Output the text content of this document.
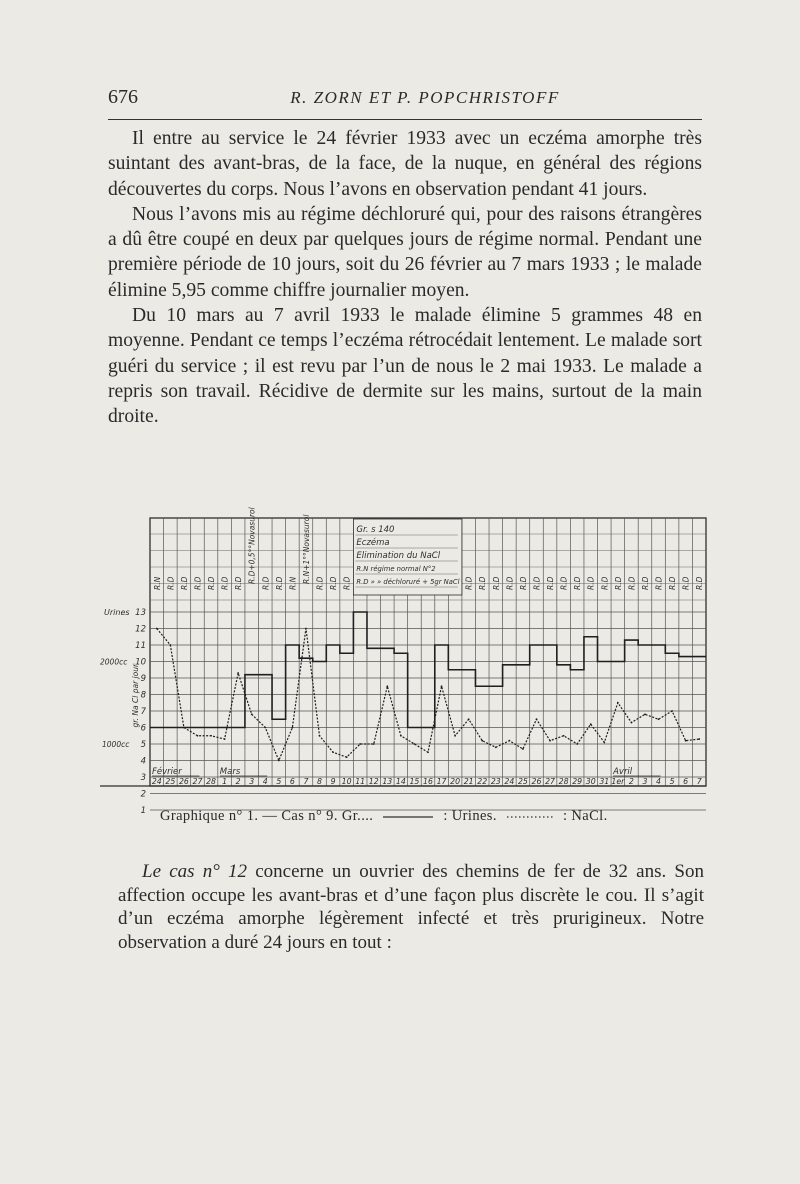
676	R. ZORN ET P. POPCHRISTOFF

Il entre au service le 24 février 1933 avec un eczéma amorphe très suintant des avant-bras, de la face, de la nuque, en général des régions découvertes du corps. Nous l’avons en observation pendant 41 jours.

Nous l’avons mis au régime déchloruré qui, pour des raisons étrangères a dû être coupé en deux par quelques jours de régime normal. Pendant une première période de 10 jours, soit du 26 février au 7 mars 1933 ; le malade élimine 5,95 comme chiffre journalier moyen.

Du 10 mars au 7 avril 1933 le malade élimine 5 grammes 48 en moyenne. Pendant ce temps l’eczéma rétrocédait lentement. Le malade sort guéri du service ; il est revu par l’un de nous le 2 mai 1933. Le malade a repris son travail. Récidive de dermite sur les mains, surtout de la main droite.

Gr. s 140
Eczéma
Elimination du NaCl
R.N régime normal N°2
R.D » » déchloruré + 5gr NaCl
R.N R.D R.D R.D R.D R.D R.D R.D+0,5°°Novasurol R.D R.D R.N R.N+1°°Novasurol R.D R.D R.D	R.D R.D R.D R.D R.D R.D R.D R.D R.D R.D R.D R.D R.D R.D R.D R.D R.D R.D
1
2
3
4
5
6
7
8
9
10
11
12
13
Urines
2000cc
1000cc
gr. Na Cl par jour
24 25 26 27 28 1 2 3 4 5 6 7 8 9 10 11 12 13 14 15 16 17 20 21 22 23 24 25 26 27 28 29 30 31 1er 2 3 4 5 6 7
Février	Mars	Avril
Graphique n° 1. — Cas n° 9. Gr....	: Urines.	: NaCl.

Le cas n° 12 concerne un ouvrier des chemins de fer de 32 ans. Son affection occupe les avant-bras et d’une façon plus discrète le cou. Il s’agit d’un eczéma amorphe légèrement infecté et très prurigineux. Notre observation a duré 24 jours en tout :
